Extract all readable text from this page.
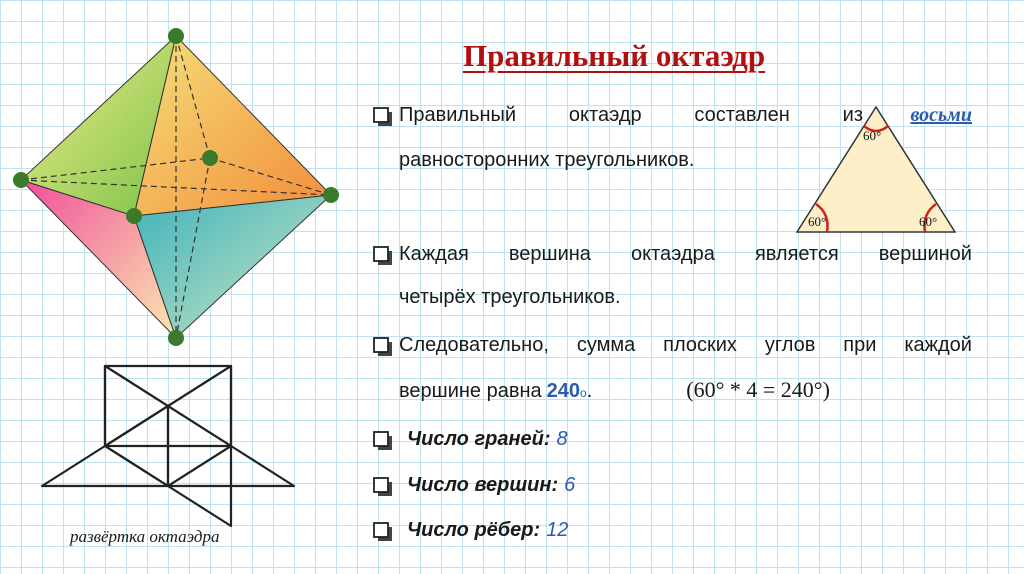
60°
60°	60°
Правильный октаэдр
Правильный	октаэдр	составлен	из восьми
равносторонних треугольников.
Каждая вершина октаэдра является вершиной
четырёх треугольников.
Следовательно, сумма плоских углов при каждой
вершине равна 240 о .	(60° * 4 = 240°)
Число граней: 8
Число вершин: 6
Число рёбер: 12
развёртка октаэдра
